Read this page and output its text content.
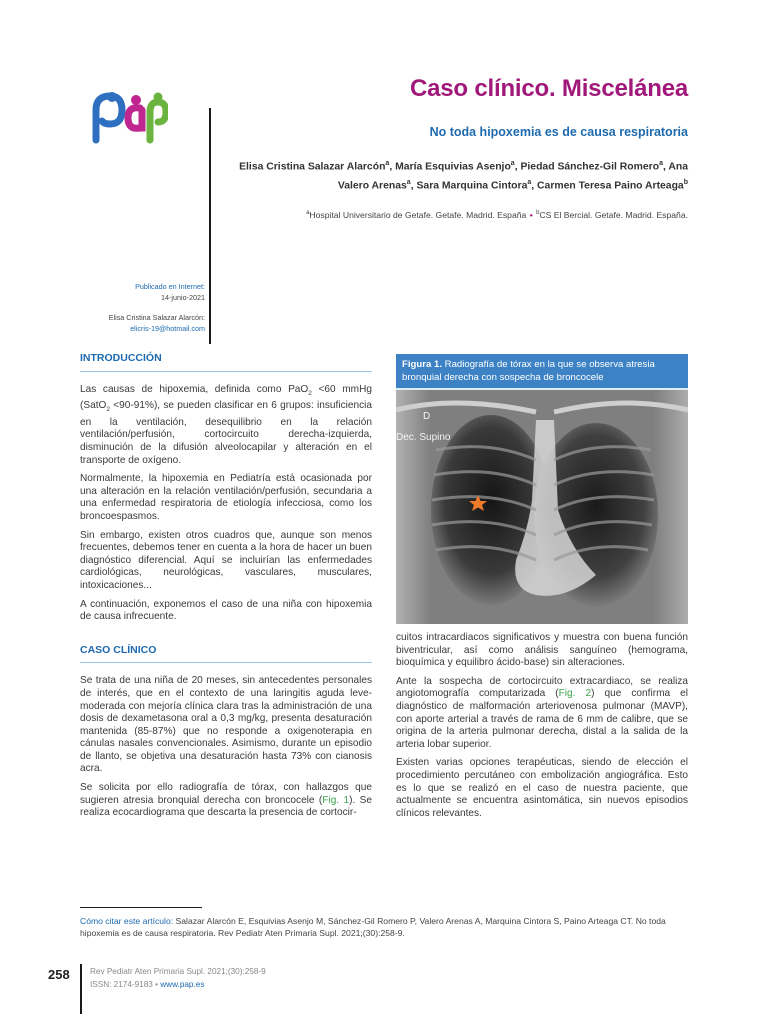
Caso clínico. Miscelánea
No toda hipoxemia es de causa respiratoria
Elisa Cristina Salazar Alarcón$^a$, María Esquivias Asenjo$^a$, Piedad Sánchez-Gil Romero$^a$, Ana Valero Arenas$^a$, Sara Marquina Cintora$^a$, Carmen Teresa Paino Arteaga$^b$
$^a$Hospital Universitario de Getafe. Getafe. Madrid. España • $^b$CS El Bercial. Getafe. Madrid. España.
Publicado en Internet:
14-junio-2021
Elisa Cristina Salazar Alarcón:
elicris-19@hotmail.com
INTRODUCCIÓN

Las causas de hipoxemia, definida como PaO$_2$ <60 mmHg (SatO$_2$ <90-91%), se pueden clasificar en 6 grupos: insuficiencia en la ventilación, desequilibrio en la relación ventilación/perfusión, cortocircuito derecha-izquierda, disminución de la difusión alveolocapilar y alteración en el transporte de oxígeno.

Normalmente, la hipoxemia en Pediatría está ocasionada por una alteración en la relación ventilación/perfusión, secundaria a una enfermedad respiratoria de etiología infecciosa, como los broncoespasmos.

Sin embargo, existen otros cuadros que, aunque son menos frecuentes, debemos tener en cuenta a la hora de hacer un buen diagnóstico diferencial. Aquí se incluirían las enfermedades cardiológicas, neurológicas, vasculares, musculares, intoxicaciones...

A continuación, exponemos el caso de una niña con hipoxemia de causa infrecuente.

CASO CLÍNICO

Se trata de una niña de 20 meses, sin antecedentes personales de interés, que en el contexto de una laringitis aguda leve-moderada con mejoría clínica clara tras la administración de una dosis de dexametasona oral a 0,3 mg/kg, presenta desaturación mantenida (85-87%) que no responde a oxigenoterapia en cánulas nasales convencionales. Asimismo, durante un episodio de llanto, se objetiva una desaturación hasta 73% con cianosis acra.

Se solicita por ello radiografía de tórax, con hallazgos que sugieren atresia bronquial derecha con broncocele (Fig. 1). Se realiza ecocardiograma que descarta la presencia de cortocir-

Figura 1. Radiografía de tórax en la que se observa atresia bronquial derecha con sospecha de broncocele
D
Dec. Supino

cuitos intracardiacos significativos y muestra con buena función biventricular, así como análisis sanguíneo (hemograma, bioquímica y equilibro ácido-base) sin alteraciones.

Ante la sospecha de cortocircuito extracardiaco, se realiza angiotomografía computarizada (Fig. 2) que confirma el diagnóstico de malformación arteriovenosa pulmonar (MAVP), con aporte arterial a través de rama de 6 mm de calibre, que se origina de la arteria pulmonar derecha, distal a la salida de la arteria lobar superior.

Existen varias opciones terapéuticas, siendo de elección el procedimiento percutáneo con embolización angiográfica. Esto es lo que se realizó en el caso de nuestra paciente, que actualmente se encuentra asintomática, sin nuevos episodios clínicos relevantes.

Cómo citar este artículo: Salazar Alarcón E, Esquivias Asenjo M, Sánchez-Gil Romero P, Valero Arenas A, Marquina Cintora S, Paino Arteaga CT. No toda hipoxemia es de causa respiratoria. Rev Pediatr Aten Primaria Supl. 2021;(30):258-9.
258 Rev Pediatr Aten Primaria Supl. 2021;(30):258-9
ISSN: 2174-9183 • www.pap.es
